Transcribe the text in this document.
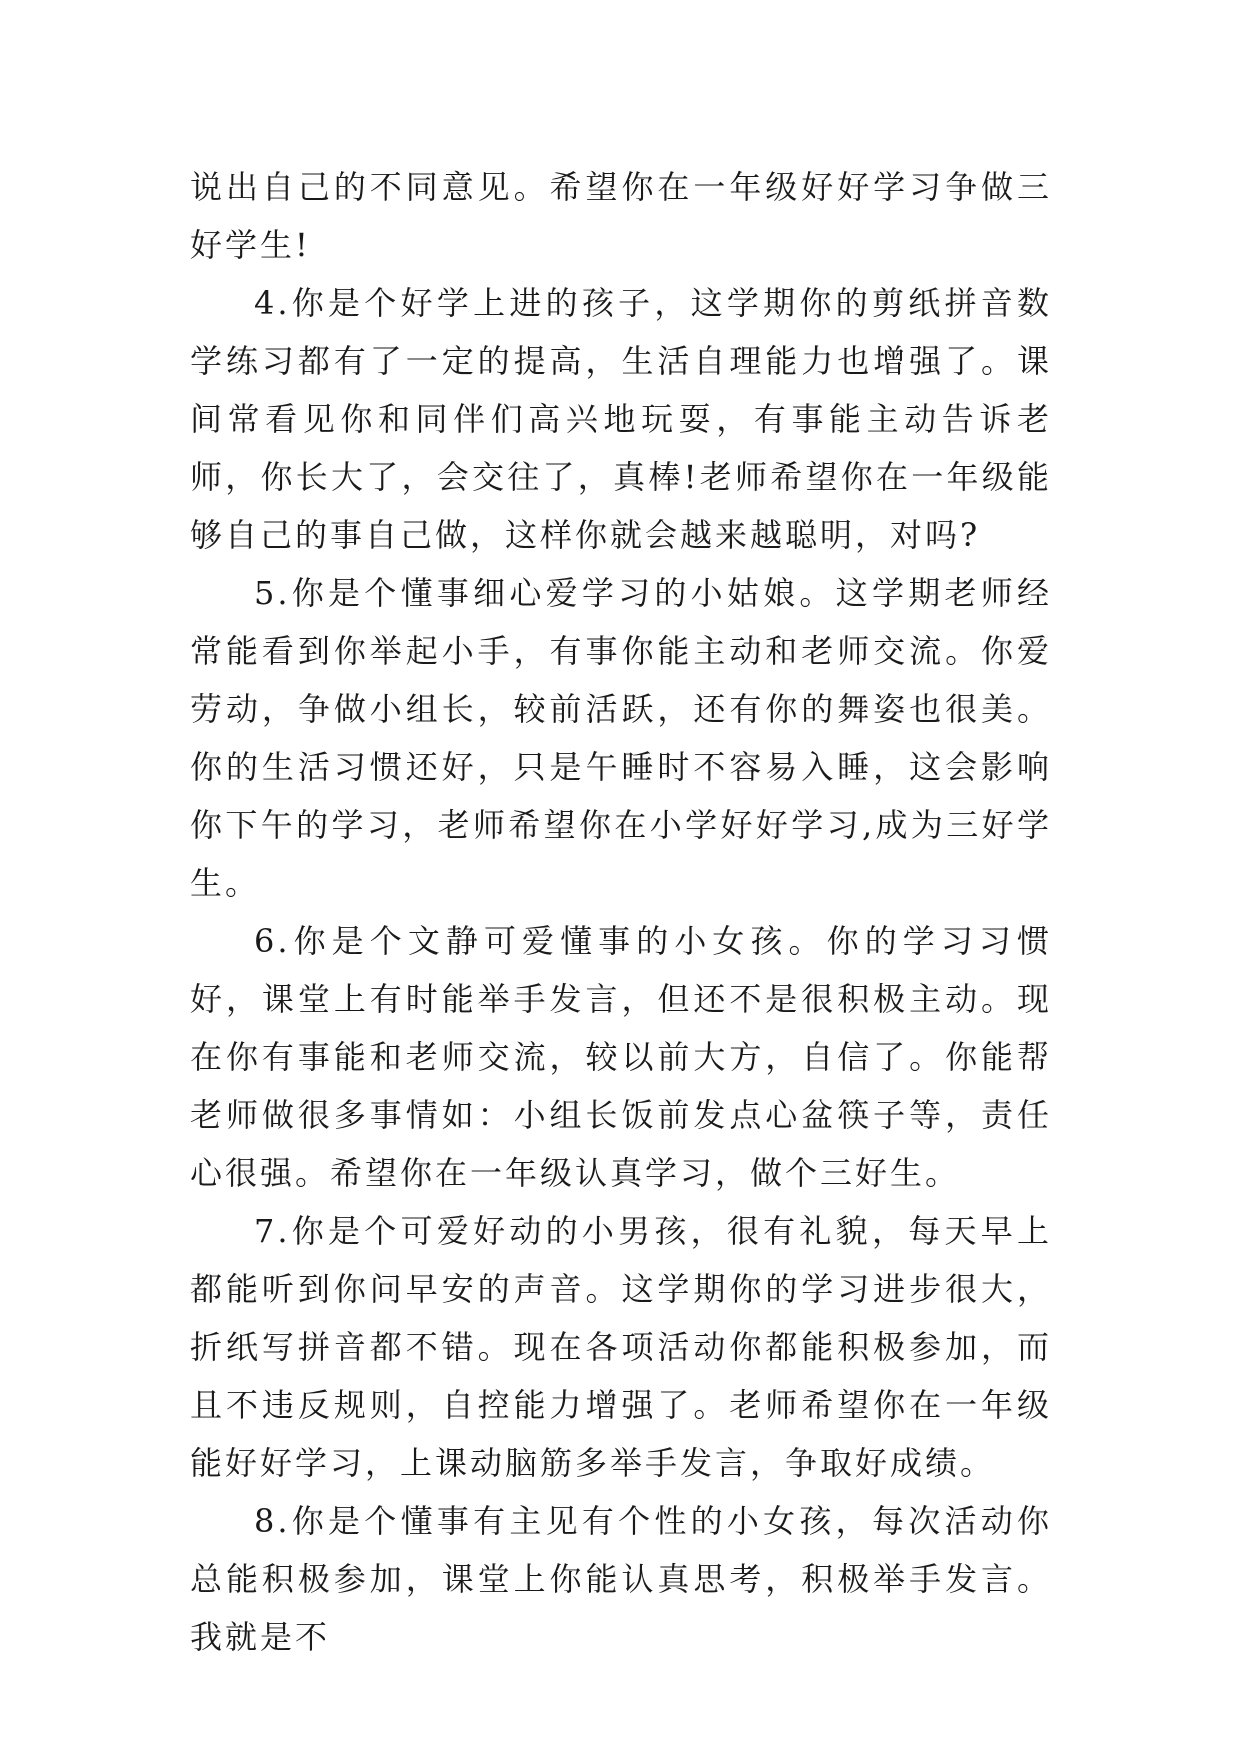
说出自己的不同意见。希望你在一年级好好学习争做三好学生!

4.你是个好学上进的孩子，这学期你的剪纸拼音数学练习都有了一定的提高，生活自理能力也增强了。课间常看见你和同伴们高兴地玩耍，有事能主动告诉老师，你长大了，会交往了，真棒!老师希望你在一年级能够自己的事自己做，这样你就会越来越聪明，对吗?

5.你是个懂事细心爱学习的小姑娘。这学期老师经常能看到你举起小手，有事你能主动和老师交流。你爱劳动，争做小组长，较前活跃，还有你的舞姿也很美。你的生活习惯还好，只是午睡时不容易入睡，这会影响你下午的学习，老师希望你在小学好好学习,成为三好学生。

6.你是个文静可爱懂事的小女孩。你的学习习惯好，课堂上有时能举手发言，但还不是很积极主动。现在你有事能和老师交流，较以前大方，自信了。你能帮老师做很多事情如：小组长饭前发点心盆筷子等，责任心很强。希望你在一年级认真学习，做个三好生。

7.你是个可爱好动的小男孩，很有礼貌，每天早上都能听到你问早安的声音。这学期你的学习进步很大，折纸写拼音都不错。现在各项活动你都能积极参加，而且不违反规则，自控能力增强了。老师希望你在一年级能好好学习，上课动脑筋多举手发言，争取好成绩。

8.你是个懂事有主见有个性的小女孩，每次活动你总能积极参加，课堂上你能认真思考，积极举手发言。我就是不
